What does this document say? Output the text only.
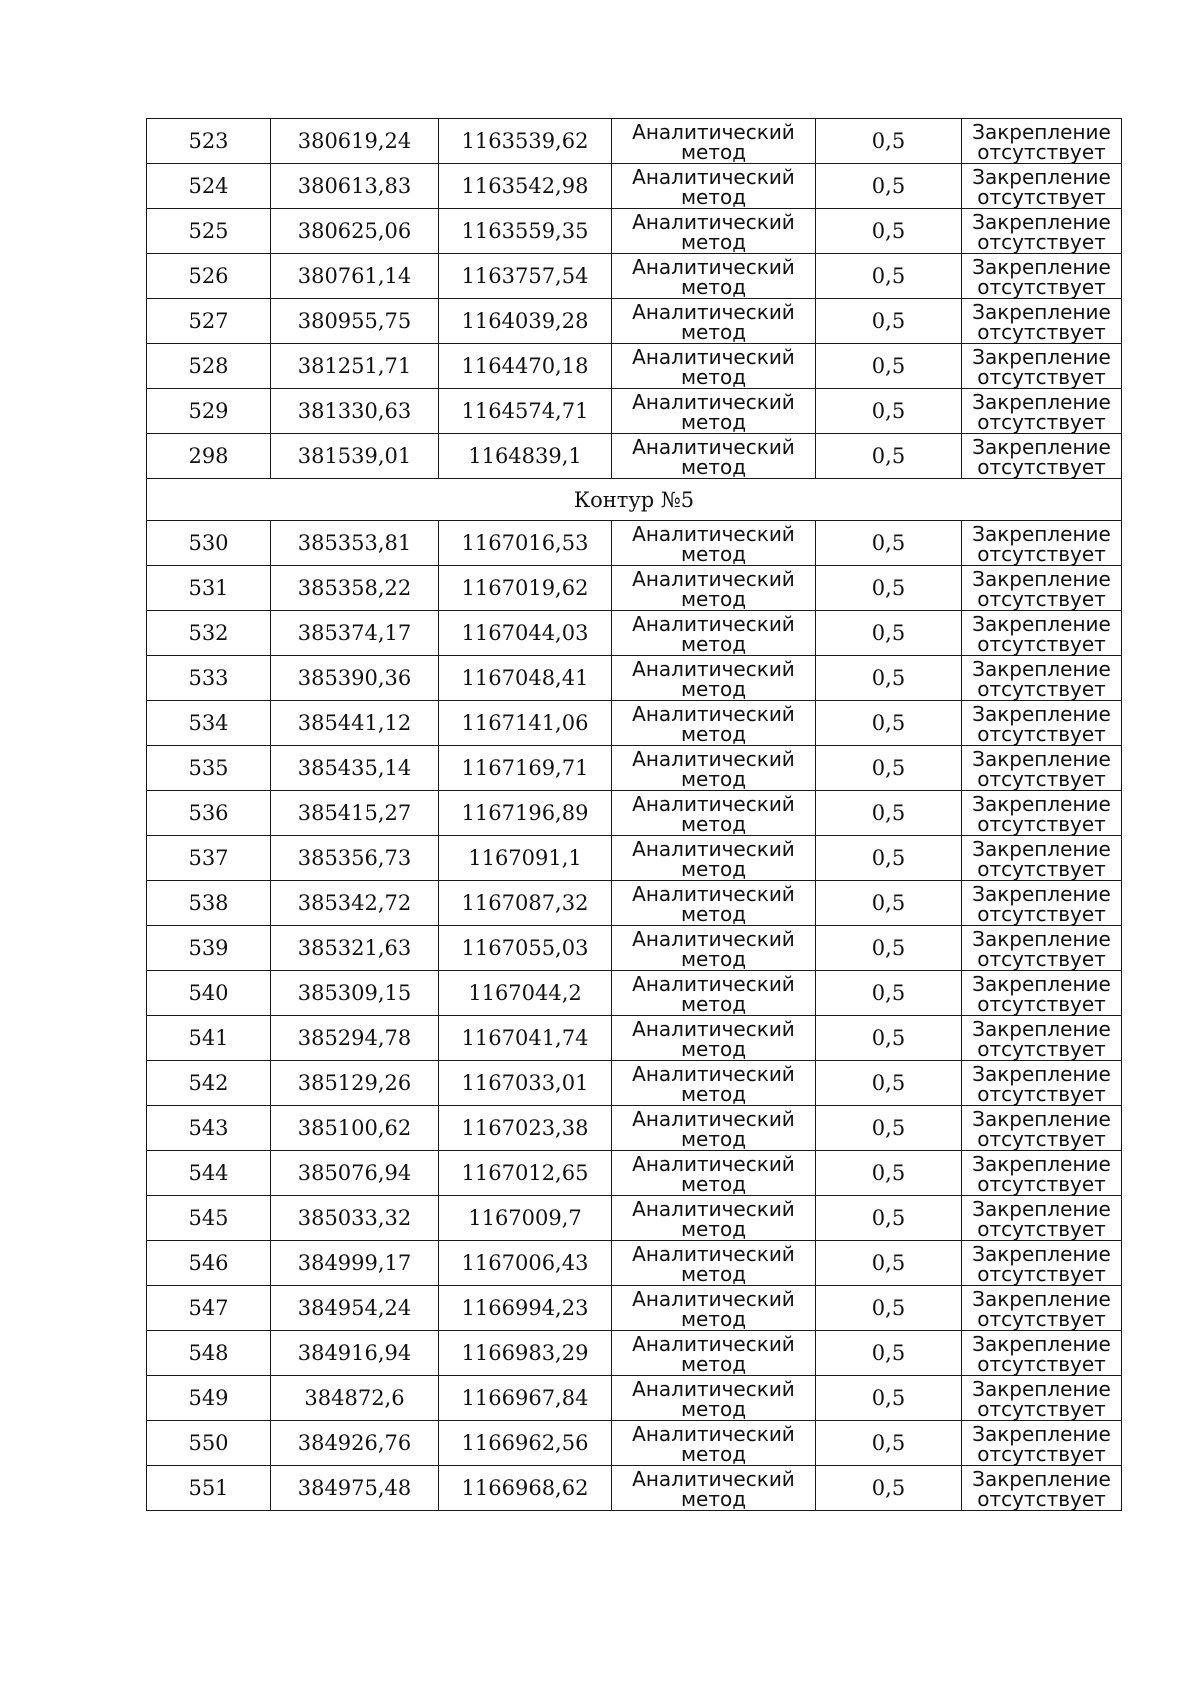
523	380619,24	1163539,62	Аналитический
метод	0,5	Закрепление
отсутствует

524	380613,83	1163542,98	Аналитический
метод	0,5	Закрепление
отсутствует

525	380625,06	1163559,35	Аналитический
метод	0,5	Закрепление
отсутствует

526	380761,14	1163757,54	Аналитический
метод	0,5	Закрепление
отсутствует

527	380955,75	1164039,28	Аналитический
метод	0,5	Закрепление
отсутствует

528	381251,71	1164470,18	Аналитический
метод	0,5	Закрепление
отсутствует

529	381330,63	1164574,71	Аналитический
метод	0,5	Закрепление
отсутствует

298	381539,01	1164839,1	Аналитический
метод	0,5	Закрепление
отсутствует

Контур №5					
530	385353,81	1167016,53	Аналитический
метод	0,5	Закрепление
отсутствует

531	385358,22	1167019,62	Аналитический
метод	0,5	Закрепление
отсутствует

532	385374,17	1167044,03	Аналитический
метод	0,5	Закрепление
отсутствует

533	385390,36	1167048,41	Аналитический
метод	0,5	Закрепление
отсутствует

534	385441,12	1167141,06	Аналитический
метод	0,5	Закрепление
отсутствует

535	385435,14	1167169,71	Аналитический
метод	0,5	Закрепление
отсутствует

536	385415,27	1167196,89	Аналитический
метод	0,5	Закрепление
отсутствует

537	385356,73	1167091,1	Аналитический
метод	0,5	Закрепление
отсутствует

538	385342,72	1167087,32	Аналитический
метод	0,5	Закрепление
отсутствует

539	385321,63	1167055,03	Аналитический
метод	0,5	Закрепление
отсутствует

540	385309,15	1167044,2	Аналитический
метод	0,5	Закрепление
отсутствует

541	385294,78	1167041,74	Аналитический
метод	0,5	Закрепление
отсутствует

542	385129,26	1167033,01	Аналитический
метод	0,5	Закрепление
отсутствует

543	385100,62	1167023,38	Аналитический
метод	0,5	Закрепление
отсутствует

544	385076,94	1167012,65	Аналитический
метод	0,5	Закрепление
отсутствует

545	385033,32	1167009,7	Аналитический
метод	0,5	Закрепление
отсутствует

546	384999,17	1167006,43	Аналитический
метод	0,5	Закрепление
отсутствует

547	384954,24	1166994,23	Аналитический
метод	0,5	Закрепление
отсутствует

548	384916,94	1166983,29	Аналитический
метод	0,5	Закрепление
отсутствует

549	384872,6	1166967,84	Аналитический
метод	0,5	Закрепление
отсутствует

550	384926,76	1166962,56	Аналитический
метод	0,5	Закрепление
отсутствует

551	384975,48	1166968,62	Аналитический
метод	0,5	Закрепление
отсутствует
